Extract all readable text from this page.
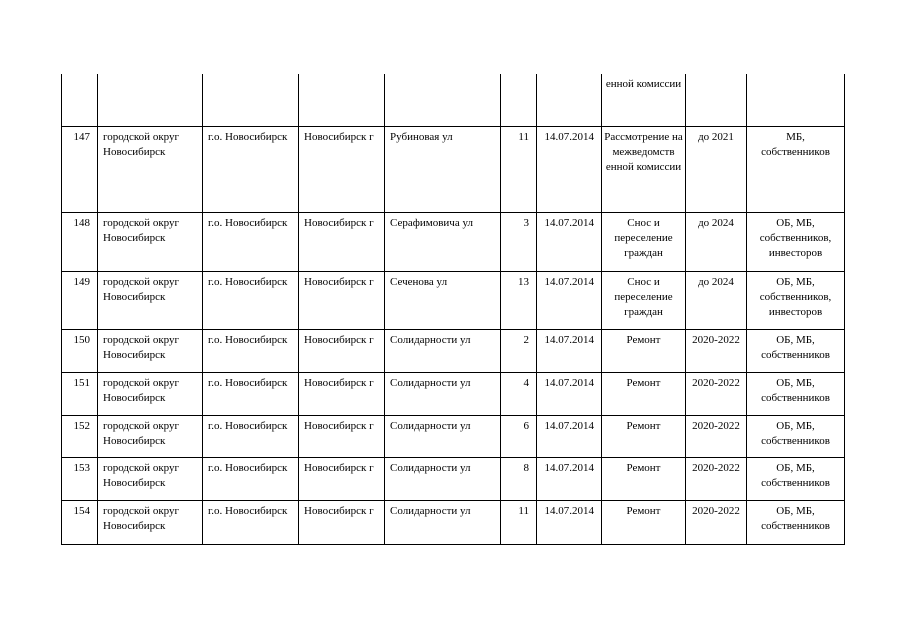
							енной комиссии		
147	городской округ Новосибирск	г.о. Новосибирск	Новосибирск г	Рубиновая ул	11	14.07.2014	Рассмотрение на межведомств енной комиссии	до 2021	МБ, собственников
148	городской округ Новосибирск	г.о. Новосибирск	Новосибирск г	Серафимовича ул	3	14.07.2014	Снос и переселение граждан	до 2024	ОБ, МБ, собственников, инвесторов
149	городской округ Новосибирск	г.о. Новосибирск	Новосибирск г	Сеченова ул	13	14.07.2014	Снос и переселение граждан	до 2024	ОБ, МБ, собственников, инвесторов
150	городской округ Новосибирск	г.о. Новосибирск	Новосибирск г	Солидарности ул	2	14.07.2014	Ремонт	2020-2022	ОБ, МБ, собственников
151	городской округ Новосибирск	г.о. Новосибирск	Новосибирск г	Солидарности ул	4	14.07.2014	Ремонт	2020-2022	ОБ, МБ, собственников
152	городской округ Новосибирск	г.о. Новосибирск	Новосибирск г	Солидарности ул	6	14.07.2014	Ремонт	2020-2022	ОБ, МБ, собственников
153	городской округ Новосибирск	г.о. Новосибирск	Новосибирск г	Солидарности ул	8	14.07.2014	Ремонт	2020-2022	ОБ, МБ, собственников
154	городской округ Новосибирск	г.о. Новосибирск	Новосибирск г	Солидарности ул	11	14.07.2014	Ремонт	2020-2022	ОБ, МБ, собственников
